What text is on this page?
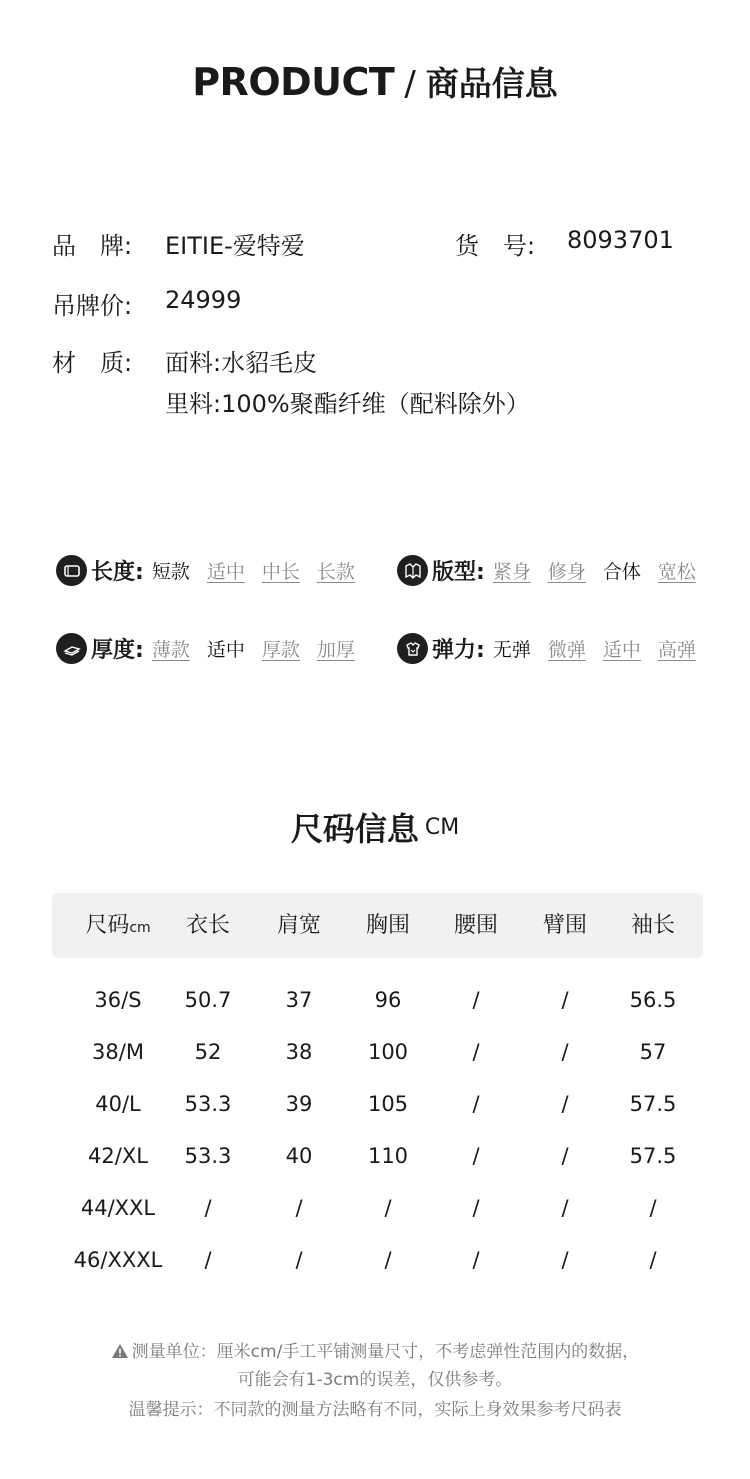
PRODUCT / 商品信息
品　牌: EITIE-爱特爱	货　号: 8093701
吊牌价: 24999
材　质: 面料:水貂毛皮
里料:100%聚酯纤维（配料除外）
长度: 短款 适中 中长 长款	版型: 紧身 修身 合体 宽松
厚度: 薄款 适中 厚款 加厚	弹力: 无弹 微弹 适中 高弹
尺码信息 CM
尺码cm	衣长	肩宽	胸围	腰围	臂围	袖长
36/S	50.7	37	96	/	/	56.5
38/M	52	38	100	/	/	57
40/L	53.3	39	105	/	/	57.5
42/XL	53.3	40	110	/	/	57.5
44/XXL	/	/	/	/	/	/
46/XXXL	/	/	/	/	/	/
测量单位：厘米cm/手工平铺测量尺寸，不考虑弹性范围内的数据，
可能会有1-3cm的误差，仅供参考。
温馨提示：不同款的测量方法略有不同，实际上身效果参考尺码表
